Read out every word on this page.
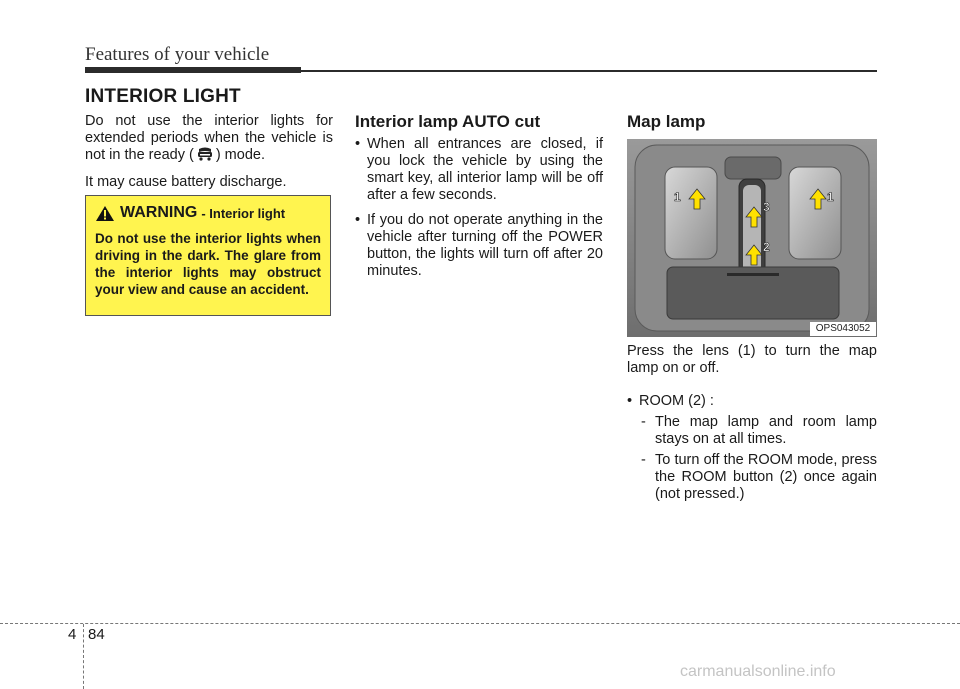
Features of your vehicle
INTERIOR LIGHT

Do not use the interior lights for extended periods when the vehicle is not in the ready ( ) mode.

It may cause battery discharge.

WARNING - Interior light
Do not use the interior lights when driving in the dark. The glare from the interior lights may obstruct your view and cause an accident.
Interior lamp AUTO cut
• When all entrances are closed, if you lock the vehicle by using the smart key, all interior lamp will be off after a few seconds.
• If you do not operate anything in the vehicle after turning off the POWER button, the lights will turn off after 20 minutes.
Map lamp
1	1
2
3
OPS043052

Press the lens (1) to turn the map lamp on or off.

• ROOM (2) :
- The map lamp and room lamp stays on at all times.
- To turn off the ROOM mode, press the ROOM button (2) once again (not pressed.)
4 84
carmanualsonline.info
